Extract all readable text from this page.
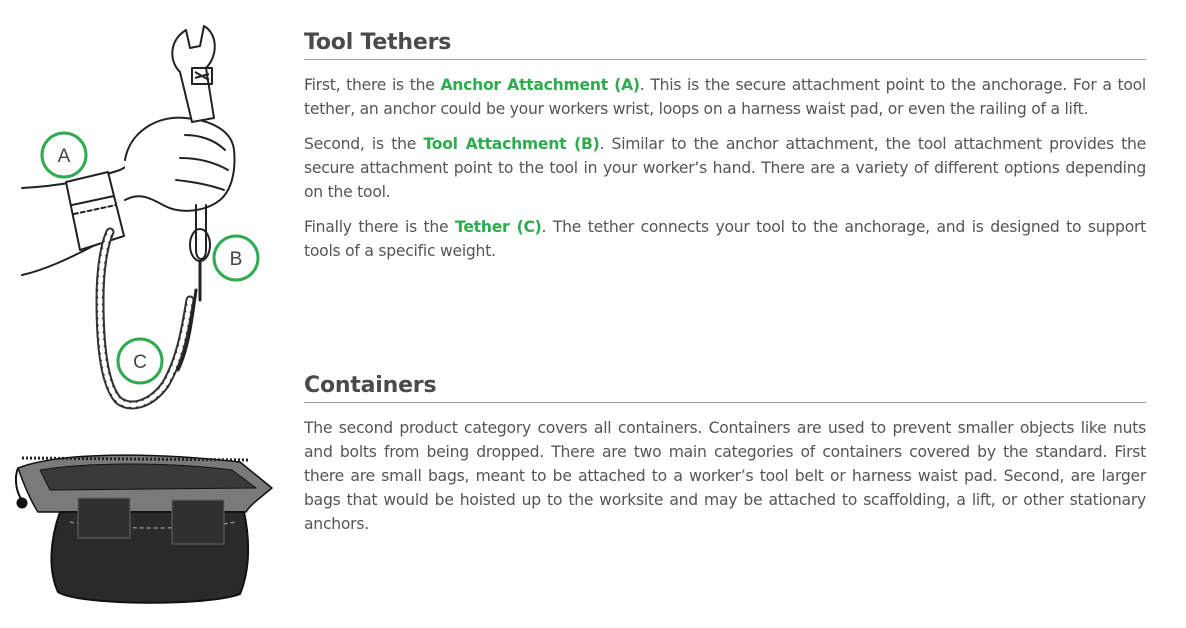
A
B
C
Tool Tethers

First, there is the Anchor Attachment (A). This is the secure attachment point to the anchorage. For a tool tether, an anchor could be your workers wrist, loops on a harness waist pad, or even the railing of a lift.

Second, is the Tool Attachment (B). Similar to the anchor attachment, the tool attachment provides the secure attachment point to the tool in your worker’s hand. There are a variety of different options depending on the tool.

Finally there is the Tether (C). The tether connects your tool to the anchorage, and is designed to support tools of a specific weight.

Containers

The second product category covers all containers. Containers are used to prevent smaller objects like nuts and bolts from being dropped. There are two main categories of containers covered by the standard. First there are small bags, meant to be attached to a worker’s tool belt or harness waist pad. Second, are larger bags that would be hoisted up to the worksite and may be attached to scaffolding, a lift, or other stationary anchors.
